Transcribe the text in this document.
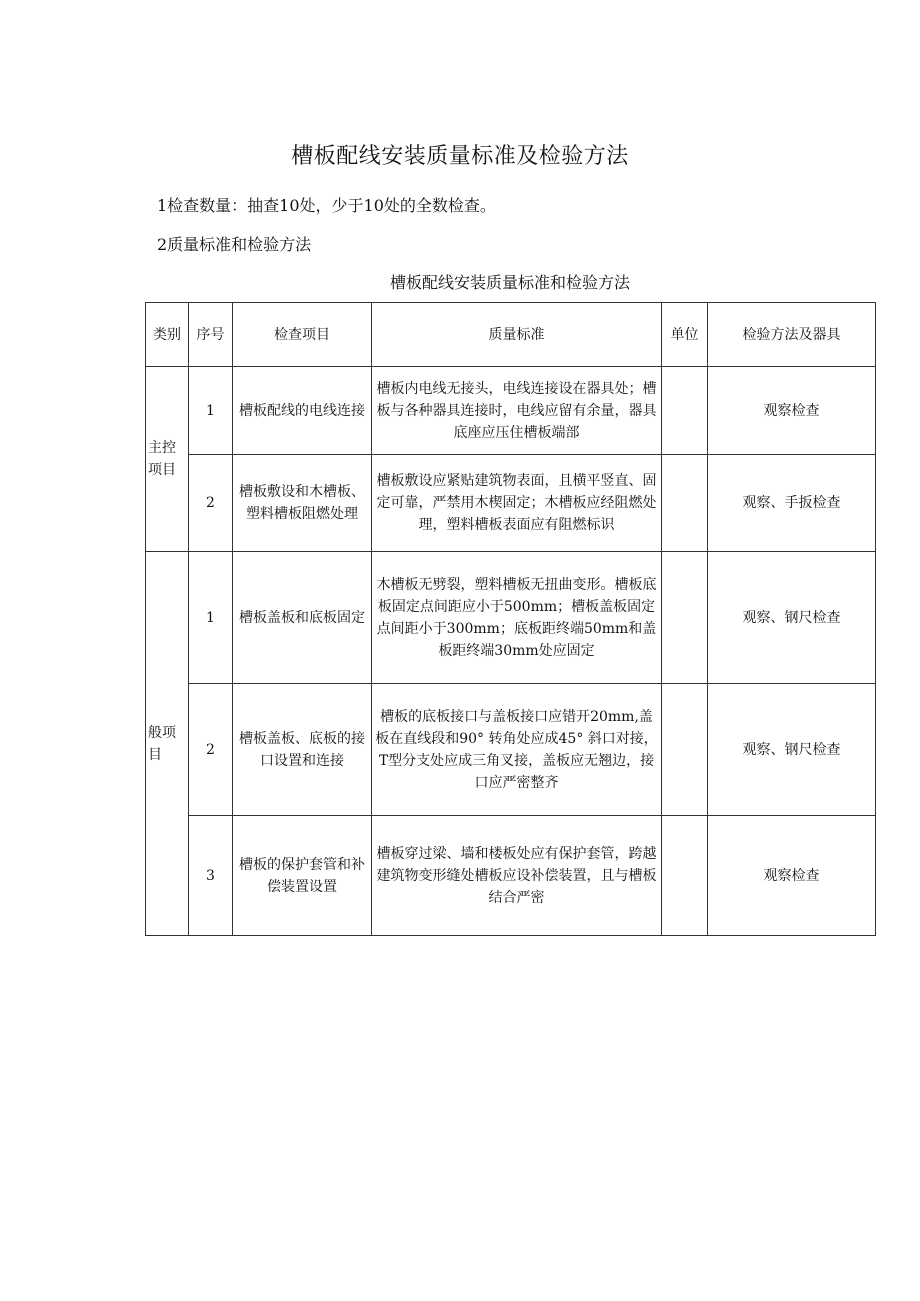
槽板配线安装质量标准及检验方法
1检查数量：抽查10处，少于10处的全数检查。
2质量标准和检验方法
槽板配线安装质量标准和检验方法
类别	序号	检查项目	质量标准	单位	检验方法及器具
主控项目	1	槽板配线的电线连接	槽板内电线无接头，电线连接设在器具处；槽板与各种器具连接时，电线应留有余量，器具底座应压住槽板端部		观察检查
	2	槽板敷设和木槽板、塑料槽板阻燃处理	槽板敷设应紧贴建筑物表面，且横平竖直、固定可靠，严禁用木楔固定；木槽板应经阻燃处理，塑料槽板表面应有阻燃标识		观察、手扳检查
般项目	1	槽板盖板和底板固定	木槽板无劈裂，塑料槽板无扭曲变形。槽板底板固定点间距应小于500mm；槽板盖板固定点间距小于300mm；底板距终端50mm和盖板距终端30mm处应固定		观察、钢尺检查
	2	槽板盖板、底板的接口设置和连接	槽板的底板接口与盖板接口应错开20mm,盖板在直线段和90° 转角处应成45° 斜口对接，T型分支处应成三角叉接，盖板应无翘边，接口应严密整齐		观察、钢尺检查
	3	槽板的保护套管和补偿装置设置	槽板穿过梁、墙和楼板处应有保护套管，跨越建筑物变形缝处槽板应设补偿装置，且与槽板结合严密		观察检查
